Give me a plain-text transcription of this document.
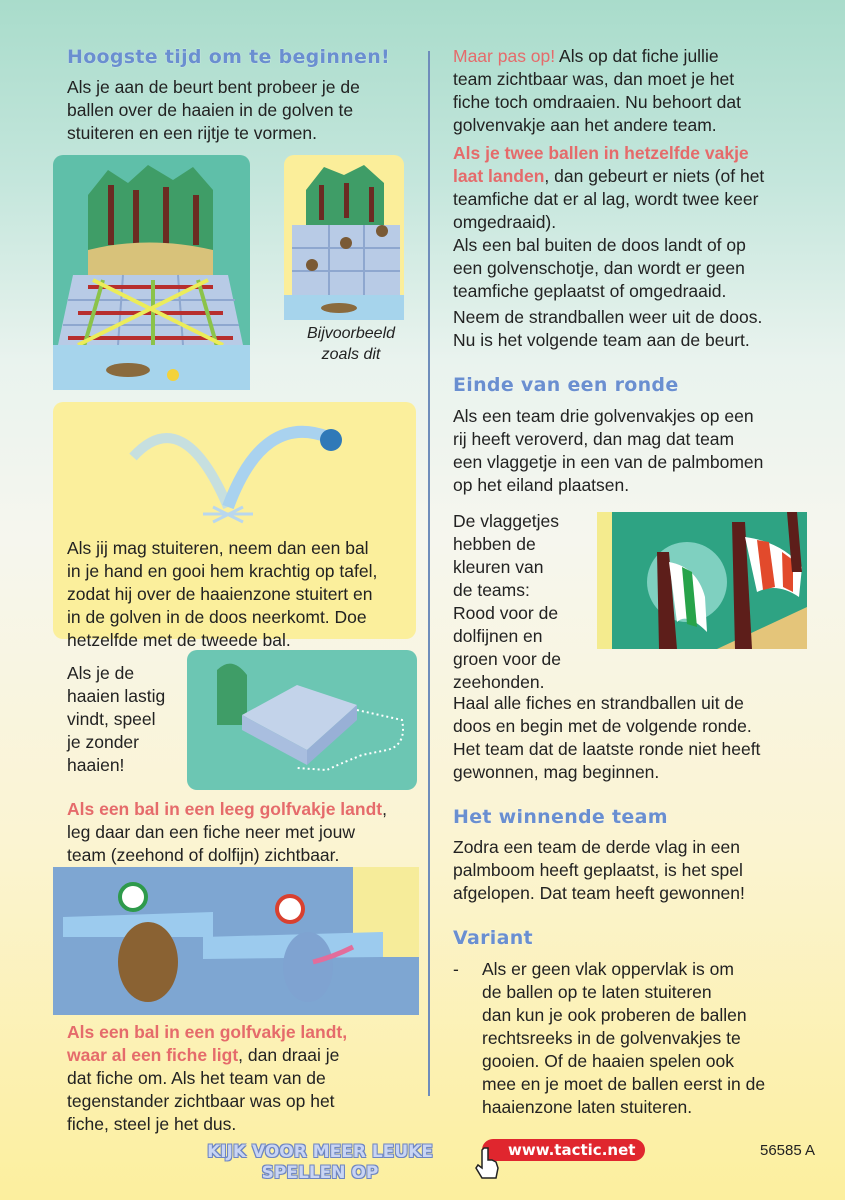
Hoogste tijd om te beginnen!
Als je aan de beurt bent probeer je de
ballen over de haaien in de golven te
stuiteren en een rijtje te vormen.
Bijvoorbeeld
zoals dit
Als jij mag stuiteren, neem dan een bal
in je hand en gooi hem krachtig op tafel,
zodat hij over de haaienzone stuitert en
in de golven in de doos neerkomt. Doe
hetzelfde met de tweede bal.
Als je de
haaien lastig
vindt, speel
je zonder
haaien!
Als een bal in een leeg golfvakje landt,
leg daar dan een fiche neer met jouw
team (zeehond of dolfijn) zichtbaar.
Als een bal in een golfvakje landt,
waar al een fiche ligt, dan draai je
dat fiche om. Als het team van de
tegenstander zichtbaar was op het
fiche, steel je het dus.
Maar pas op! Als op dat fiche jullie
team zichtbaar was, dan moet je het
fiche toch omdraaien. Nu behoort dat
golvenvakje aan het andere team.
Als je twee ballen in hetzelfde vakje
laat landen, dan gebeurt er niets (of het
teamfiche dat er al lag, wordt twee keer
omgedraaid).
Als een bal buiten de doos landt of op
een golvenschotje, dan wordt er geen
teamfiche geplaatst of omgedraaid.
Neem de strandballen weer uit de doos.
Nu is het volgende team aan de beurt.
Einde van een ronde
Als een team drie golvenvakjes op een
rij heeft veroverd, dan mag dat team
een vlaggetje in een van de palmbomen
op het eiland plaatsen.
De vlaggetjes
hebben de
kleuren van
de teams:
Rood voor de
dolfijnen en
groen voor de
zeehonden.
Haal alle fiches en strandballen uit de
doos en begin met de volgende ronde.
Het team dat de laatste ronde niet heeft
gewonnen, mag beginnen.
Het winnende team
Zodra een team de derde vlag in een
palmboom heeft geplaatst, is het spel
afgelopen. Dat team heeft gewonnen!
Variant
-	Als er geen vlak oppervlak is om
de ballen op te laten stuiteren
dan kun je ook proberen de ballen
rechtsreeks in de golvenvakjes te
gooien. Of de haaien spelen ook
mee en je moet de ballen eerst in de
haaienzone laten stuiteren.
KIJK VOOR MEER LEUKE
SPELLEN OP
www.tactic.net	56585 A
